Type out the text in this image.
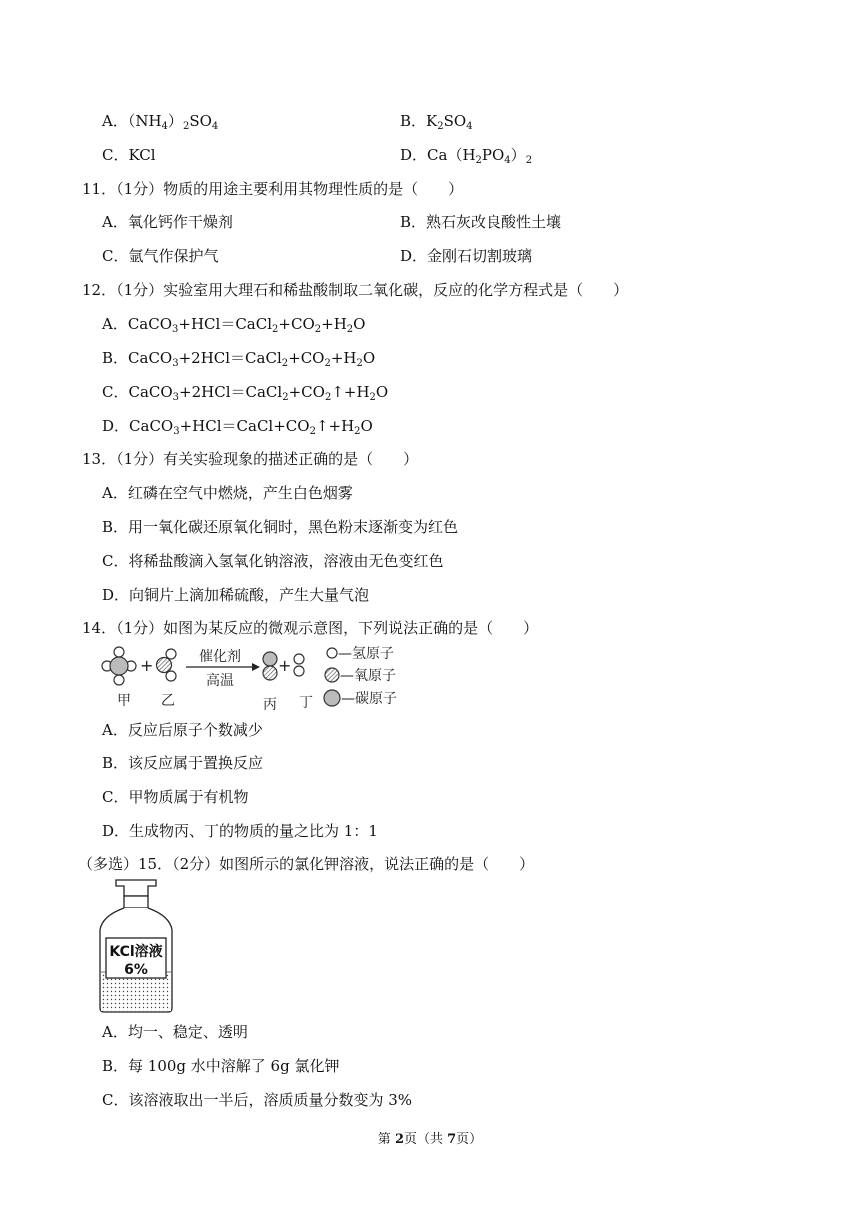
A．$(NH_4)_2SO_4$	B．$K_2SO_4$
C．KCl	D．$Ca(H_2PO_4)_2$
11．（1分）物质的用途主要利用其物理性质的是（　　）
A．氧化钙作干燥剂	B．熟石灰改良酸性土壤
C．氩气作保护气	D．金刚石切割玻璃
12．（1分）实验室用大理石和稀盐酸制取二氧化碳，反应的化学方程式是（　　）
A．$CaCO_3+HCl=CaCl_2+CO_2+H_2O$
B．$CaCO_3+2HCl=CaCl_2+CO_2+H_2O$
C．$CaCO_3+2HCl=CaCl_2+CO_2↑+H_2O$
D．$CaCO_3+HCl=CaCl+CO_2↑+H_2O$
13．（1分）有关实验现象的描述正确的是（　　）
A．红磷在空气中燃烧，产生白色烟雾
B．用一氧化碳还原氧化铜时，黑色粉末逐渐变为红色
C．将稀盐酸滴入氢氧化钠溶液，溶液由无色变红色
D．向铜片上滴加稀硫酸，产生大量气泡
14．（1分）如图为某反应的微观示意图，下列说法正确的是（　　）
+	催化剂
高温
+
甲 乙	丙 丁
—氢原子
—氧原子
—碳原子
A．反应后原子个数减少
B．该反应属于置换反应
C．甲物质属于有机物
D．生成物丙、丁的物质的量之比为 1：1
（多选）15．（2分）如图所示的氯化钾溶液，说法正确的是（　　）
KCl溶液
6%
A．均一、稳定、透明
B．每 100g 水中溶解了 6g 氯化钾
C．该溶液取出一半后，溶质质量分数变为 3%
第 2页（共 7页）
